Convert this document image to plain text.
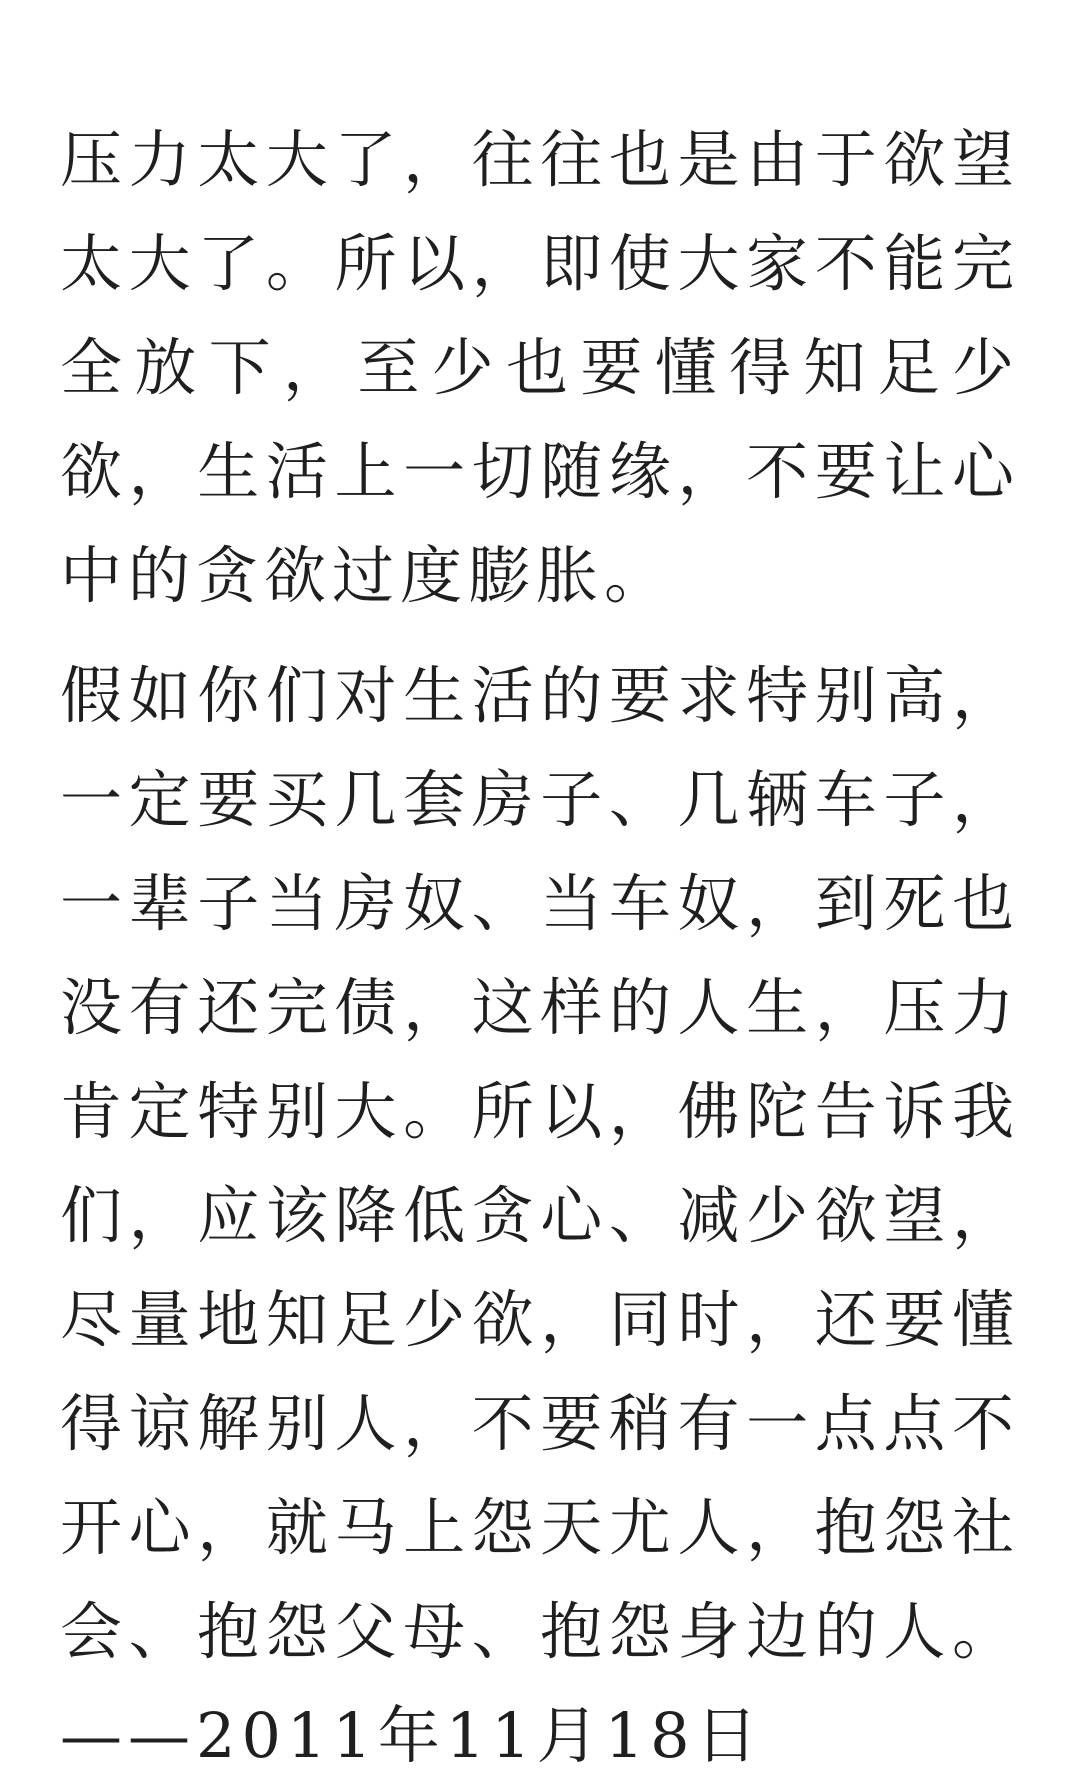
压力太大了，往往也是由于欲望太大了。所以，即使大家不能完全放下，至少也要懂得知足少欲，生活上一切随缘，不要让心中的贪欲过度膨胀。

假如你们对生活的要求特别高，一定要买几套房子、几辆车子，一辈子当房奴、当车奴，到死也没有还完债，这样的人生，压力肯定特别大。所以，佛陀告诉我们，应该降低贪心、减少欲望，尽量地知足少欲，同时，还要懂得谅解别人，不要稍有一点点不开心，就马上怨天尤人，抱怨社会、抱怨父母、抱怨身边的人。——2011年11月18日
